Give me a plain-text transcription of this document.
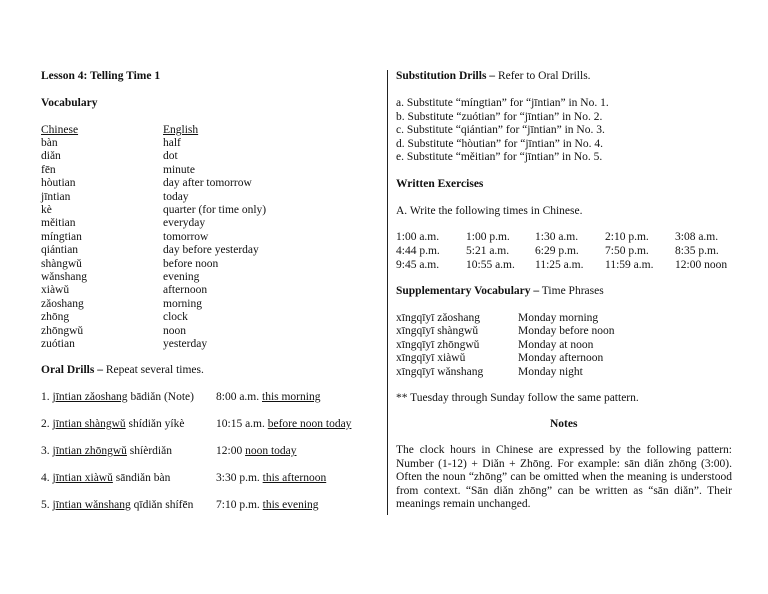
Lesson 4: Telling Time 1
Vocabulary
Chinese	English
bàn	half
diǎn	dot
fēn	minute
hòutian	day after tomorrow
jīntian	today
kè	quarter (for time only)
měitian	everyday
míngtian	tomorrow
qiántian	day before yesterday
shàngwǔ	before noon
wǎnshang	evening
xiàwǔ	afternoon
zǎoshang	morning
zhōng	clock
zhōngwǔ	noon
zuótian	yesterday
Oral Drills – Repeat several times.
1. jīntian zǎoshang bādiǎn (Note) 8:00 a.m. this morning
2. jīntian shàngwǔ shídiǎn yíkè	10:15 a.m. before noon today
3. jīntian zhōngwǔ shíèrdiǎn	12:00 noon today
4. jīntian xiàwǔ sāndiǎn bàn	3:30 p.m. this afternoon
5. jīntian wǎnshang qīdiǎn shífēn 7:10 p.m. this evening
Substitution Drills – Refer to Oral Drills.
a. Substitute “míngtian” for “jīntian” in No. 1.
b. Substitute “zuótian” for “jīntian” in No. 2.
c. Substitute “qiántian” for “jīntian” in No. 3.
d. Substitute “hòutian” for “jīntian” in No. 4.
e. Substitute “měitian” for “jīntian” in No. 5.
Written Exercises
A. Write the following times in Chinese.
1:00 a.m. 1:00 p.m. 1:30 a.m. 2:10 p.m. 3:08 a.m.
4:44 p.m. 5:21 a.m. 6:29 p.m. 7:50 p.m. 8:35 p.m.
9:45 a.m. 10:55 a.m. 11:25 a.m. 11:59 a.m. 12:00 noon
Supplementary Vocabulary – Time Phrases
xīngqīyī zǎoshang	Monday morning
xīngqīyī shàngwǔ	Monday before noon
xīngqīyī zhōngwǔ	Monday at noon
xīngqīyī xiàwǔ	Monday afternoon
xīngqīyī wǎnshang	Monday night
** Tuesday through Sunday follow the same pattern.
Notes
The clock hours in Chinese are expressed by the following pattern: Number (1-12) + Diǎn + Zhōng. For example: sān diǎn zhōng (3:00). Often the noun “zhōng” can be omitted when the meaning is understood from context. “Sān diǎn zhōng” can be written as “sān diǎn”. Their meanings remain unchanged.
